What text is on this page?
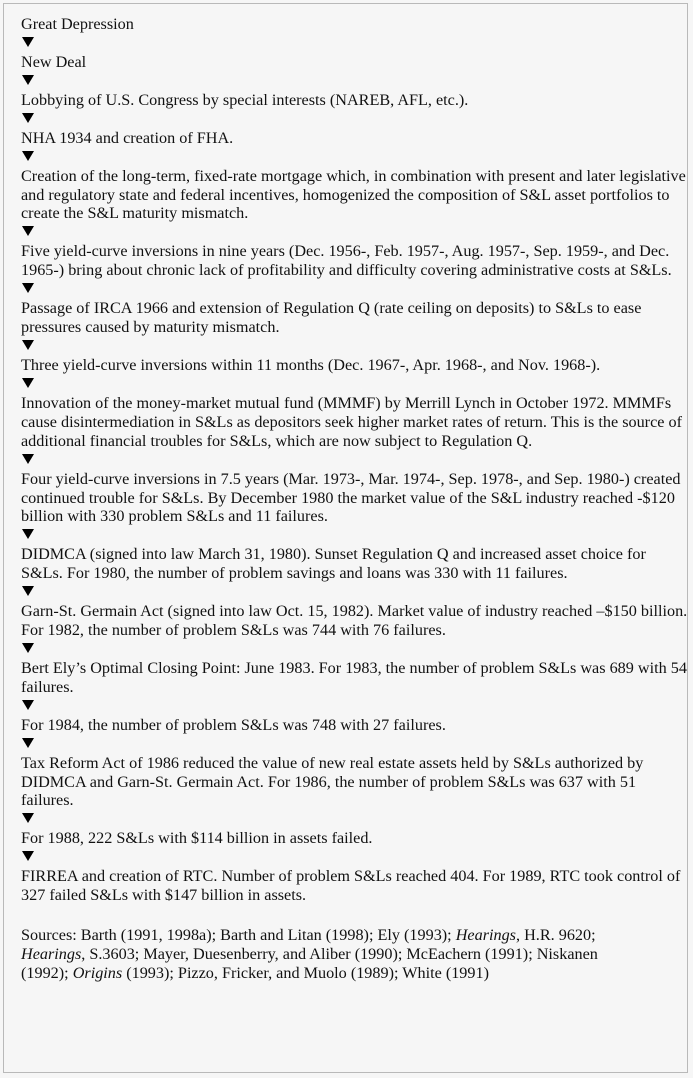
Great Depression

New Deal

Lobbying of U.S. Congress by special interests (NAREB, AFL, etc.).

NHA 1934 and creation of FHA.

Creation of the long-term, fixed-rate mortgage which, in combination with present and later legislative and regulatory state and federal incentives, homogenized the composition of S&L asset portfolios to create the S&L maturity mismatch.

Five yield-curve inversions in nine years (Dec. 1956-, Feb. 1957-, Aug. 1957-, Sep. 1959-, and Dec. 1965-) bring about chronic lack of profitability and difficulty covering administrative costs at S&Ls.

Passage of IRCA 1966 and extension of Regulation Q (rate ceiling on deposits) to S&Ls to ease pressures caused by maturity mismatch.

Three yield-curve inversions within 11 months (Dec. 1967-, Apr. 1968-, and Nov. 1968-).

Innovation of the money-market mutual fund (MMMF) by Merrill Lynch in October 1972. MMMFs cause disintermediation in S&Ls as depositors seek higher market rates of return. This is the source of additional financial troubles for S&Ls, which are now subject to Regulation Q.

Four yield-curve inversions in 7.5 years (Mar. 1973-, Mar. 1974-, Sep. 1978-, and Sep. 1980-) created continued trouble for S&Ls. By December 1980 the market value of the S&L industry reached -$120 billion with 330 problem S&Ls and 11 failures.

DIDMCA (signed into law March 31, 1980). Sunset Regulation Q and increased asset choice for S&Ls. For 1980, the number of problem savings and loans was 330 with 11 failures.

Garn-St. Germain Act (signed into law Oct. 15, 1982). Market value of industry reached –$150 billion. For 1982, the number of problem S&Ls was 744 with 76 failures.

Bert Ely’s Optimal Closing Point: June 1983. For 1983, the number of problem S&Ls was 689 with 54 failures.

For 1984, the number of problem S&Ls was 748 with 27 failures.

Tax Reform Act of 1986 reduced the value of new real estate assets held by S&Ls authorized by DIDMCA and Garn-St. Germain Act. For 1986, the number of problem S&Ls was 637 with 51 failures.

For 1988, 222 S&Ls with $114 billion in assets failed.

FIRREA and creation of RTC. Number of problem S&Ls reached 404. For 1989, RTC took control of 327 failed S&Ls with $147 billion in assets.

Sources: Barth (1991, 1998a); Barth and Litan (1998); Ely (1993); Hearings, H.R. 9620; Hearings, S.3603; Mayer, Duesenberry, and Aliber (1990); McEachern (1991); Niskanen (1992); Origins (1993); Pizzo, Fricker, and Muolo (1989); White (1991)
